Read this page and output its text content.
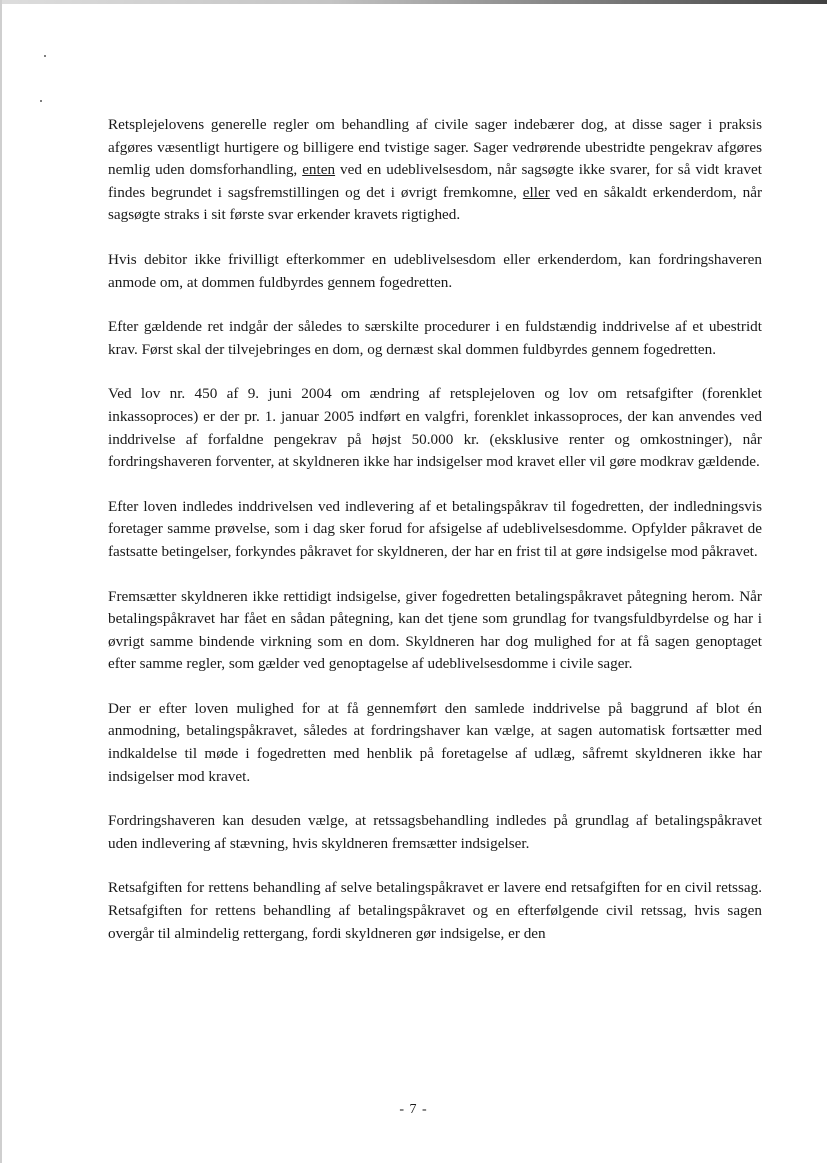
Retsplejelovens generelle regler om behandling af civile sager indebærer dog, at disse sager i praksis afgøres væsentligt hurtigere og billigere end tvistige sager. Sager vedrørende ubestridte pengekrav afgøres nemlig uden domsforhandling, enten ved en udeblivelsesdom, når sagsøgte ikke svarer, for så vidt kravet findes begrundet i sagsfremstillingen og det i øvrigt fremkomne, eller ved en såkaldt erkenderdom, når sagsøgte straks i sit første svar erkender kravets rigtighed.

Hvis debitor ikke frivilligt efterkommer en udeblivelsesdom eller erkenderdom, kan fordringshaveren anmode om, at dommen fuldbyrdes gennem fogedretten.

Efter gældende ret indgår der således to særskilte procedurer i en fuldstændig inddrivelse af et ubestridt krav. Først skal der tilvejebringes en dom, og dernæst skal dommen fuldbyrdes gennem fogedretten.

Ved lov nr. 450 af 9. juni 2004 om ændring af retsplejeloven og lov om retsafgifter (forenklet inkassoproces) er der pr. 1. januar 2005 indført en valgfri, forenklet inkassoproces, der kan anvendes ved inddrivelse af forfaldne pengekrav på højst 50.000 kr. (eksklusive renter og omkostninger), når fordringshaveren forventer, at skyldneren ikke har indsigelser mod kravet eller vil gøre modkrav gældende.

Efter loven indledes inddrivelsen ved indlevering af et betalingspåkrav til fogedretten, der indledningsvis foretager samme prøvelse, som i dag sker forud for afsigelse af udeblivelsesdomme. Opfylder påkravet de fastsatte betingelser, forkyndes påkravet for skyldneren, der har en frist til at gøre indsigelse mod påkravet.

Fremsætter skyldneren ikke rettidigt indsigelse, giver fogedretten betalingspåkravet påtegning herom. Når betalingspåkravet har fået en sådan påtegning, kan det tjene som grundlag for tvangsfuldbyrdelse og har i øvrigt samme bindende virkning som en dom. Skyldneren har dog mulighed for at få sagen genoptaget efter samme regler, som gælder ved genoptagelse af udeblivelsesdomme i civile sager.

Der er efter loven mulighed for at få gennemført den samlede inddrivelse på baggrund af blot én anmodning, betalingspåkravet, således at fordringshaver kan vælge, at sagen automatisk fortsætter med indkaldelse til møde i fogedretten med henblik på foretagelse af udlæg, såfremt skyldneren ikke har indsigelser mod kravet.

Fordringshaveren kan desuden vælge, at retssagsbehandling indledes på grundlag af betalingspåkravet uden indlevering af stævning, hvis skyldneren fremsætter indsigelser.

Retsafgiften for rettens behandling af selve betalingspåkravet er lavere end retsafgiften for en civil retssag. Retsafgiften for rettens behandling af betalingspåkravet og en efterfølgende civil retssag, hvis sagen overgår til almindelig rettergang, fordi skyldneren gør indsigelse, er den

- 7 -
